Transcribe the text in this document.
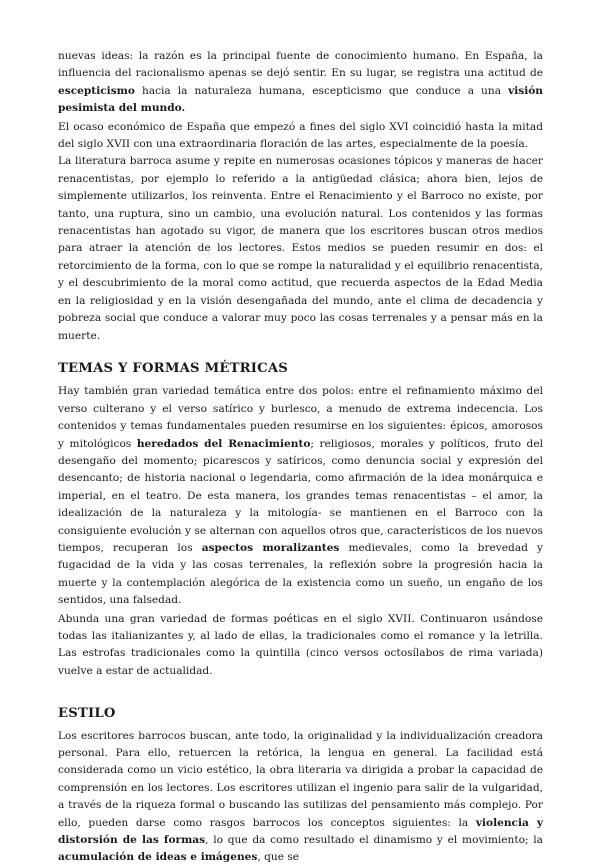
nuevas ideas: la razón es la principal fuente de conocimiento humano. En España, la influencia del racionalismo apenas se dejó sentir. En su lugar, se registra una actitud de escepticismo hacia la naturaleza humana, escepticismo que conduce a una visión pesimista del mundo.

El ocaso económico de España que empezó a fines del siglo XVI coincidió hasta la mitad del siglo XVII con una extraordinaria floración de las artes, especialmente de la poesía.

La literatura barroca asume y repite en numerosas ocasiones tópicos y maneras de hacer renacentistas, por ejemplo lo referido a la antigüedad clásica; ahora bien, lejos de simplemente utilizarlos, los reinventa. Entre el Renacimiento y el Barroco no existe, por tanto, una ruptura, sino un cambio, una evolución natural. Los contenidos y las formas renacentistas han agotado su vigor, de manera que los escritores buscan otros medios para atraer la atención de los lectores. Estos medios se pueden resumir en dos: el retorcimiento de la forma, con lo que se rompe la naturalidad y el equilibrio renacentista, y el descubrimiento de la moral como actitud, que recuerda aspectos de la Edad Media en la religiosidad y en la visión desengañada del mundo, ante el clima de decadencia y pobreza social que conduce a valorar muy poco las cosas terrenales y a pensar más en la muerte.

TEMAS Y FORMAS MÉTRICAS

Hay también gran variedad temática entre dos polos: entre el refinamiento máximo del verso culterano y el verso satírico y burlesco, a menudo de extrema indecencia. Los contenidos y temas fundamentales pueden resumirse en los siguientes: épicos, amorosos y mitológicos heredados del Renacimiento; religiosos, morales y políticos, fruto del desengaño del momento; picarescos y satíricos, como denuncia social y expresión del desencanto; de historia nacional o legendaria, como afirmación de la idea monárquica e imperial, en el teatro. De esta manera, los grandes temas renacentistas – el amor, la idealización de la naturaleza y la mitología- se mantienen en el Barroco con la consiguiente evolución y se alternan con aquellos otros que, característicos de los nuevos tiempos, recuperan los aspectos moralizantes medievales, como la brevedad y fugacidad de la vida y las cosas terrenales, la reflexión sobre la progresión hacia la muerte y la contemplación alegórica de la existencia como un sueño, un engaño de los sentidos, una falsedad.

Abunda una gran variedad de formas poéticas en el siglo XVII. Continuaron usándose todas las italianizantes y, al lado de ellas, la tradicionales como el romance y la letrilla. Las estrofas tradicionales como la quintilla (cinco versos octosílabos de rima variada) vuelve a estar de actualidad.

ESTILO

Los escritores barrocos buscan, ante todo, la originalidad y la individualización creadora personal. Para ello, retuercen la retórica, la lengua en general. La facilidad está considerada como un vicio estético, la obra literaria va dirigida a probar la capacidad de comprensión en los lectores. Los escritores utilizan el ingenio para salir de la vulgaridad, a través de la riqueza formal o buscando las sutilizas del pensamiento más complejo. Por ello, pueden darse como rasgos barrocos los conceptos siguientes: la violencia y distorsión de las formas, lo que da como resultado el dinamismo y el movimiento; la acumulación de ideas e imágenes, que se
